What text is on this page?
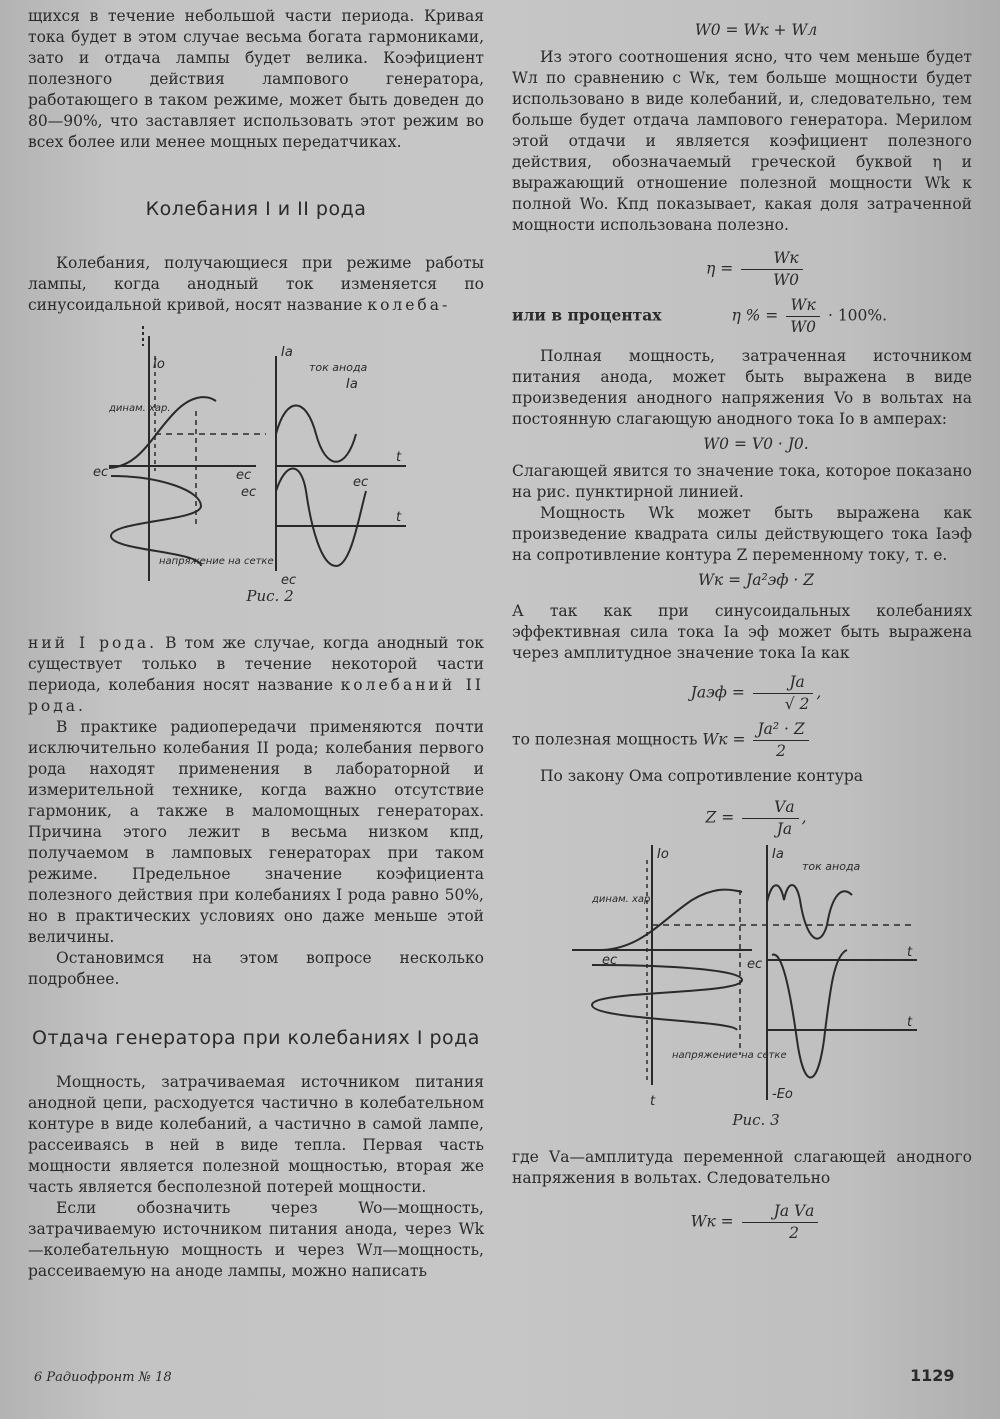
щихся в течение небольшой части периода. Кривая тока будет в этом случае весьма богата гармониками, зато и отдача лампы будет велика. Коэфициент полезного действия лампового генератора, работающего в таком режиме, может быть доведен до 80—90%, что заставляет использовать этот режим во всех более или менее мощных передатчиках.

Колебания I и II рода

Колебания, получающиеся при режиме работы лампы, когда анодный ток изменяется по синусоидальной кривой, носят название колеба-

Io
Ia
ток анода
Ia
динам. хар.
ec	ec
ec
ec
ec
t
t
напряжение на сетке

Рис. 2

ний I рода. В том же случае, когда анодный ток существует только в течение некоторой части периода, колебания носят название колебаний II рода.

В практике радиопередачи применяются почти исключительно колебания II рода; колебания первого рода находят применения в лабораторной и измерительной технике, когда важно отсутствие гармоник, а также в маломощных генераторах. Причина этого лежит в весьма низком кпд, получаемом в ламповых генераторах при таком режиме. Предельное значение коэфициента полезного действия при колебаниях I рода равно 50%, но в практических условиях оно даже меньше этой величины.

Остановимся на этом вопросе несколько подробнее.

Отдача генератора при колебаниях I рода

Мощность, затрачиваемая источником питания анодной цепи, расходуется частично в колебательном контуре в виде колебаний, а частично в самой лампе, рассеиваясь в ней в виде тепла. Первая часть мощности является полезной мощностью, вторая же часть является бесполезной потерей мощности.

Если обозначить через Wo—мощность, затрачиваемую источником питания анода, через Wk—колебательную мощность и через Wл—мощность, рассеиваемую на аноде лампы, можно написать

W0 = Wк + Wл

Из этого соотношения ясно, что чем меньше будет Wл по сравнению с Wк, тем больше мощности будет использовано в виде колебаний, и, следовательно, тем больше будет отдача лампового генератора. Мерилом этой отдачи и является коэфициент полезного действия, обозначаемый греческой буквой η и выражающий отношение полезной мощности Wk к полной Wo. Кпд показывает, какая доля затраченной мощности использована полезно.

$\eta = \frac{Wк}{W0}$

или в процентах	η % = $\frac{Wк}{W0} \cdot 100\%$.

Полная мощность, затраченная источником питания анода, может быть выражена в виде произведения анодного напряжения Vo в вольтах на постоянную слагающую анодного тока Io в амперах:

W0 = V0 · J0.

Слагающей явится то значение тока, которое показано на рис. пунктирной линией.

Мощность Wk может быть выражена как произведение квадрата силы действующего тока Iаэф на сопротивление контура Z переменному току, т. е.

Wк = Jа²эф · Z

А так как при синусоидальных колебаниях эффективная сила тока Iа эф может быть выражена через амплитудное значение тока Iа как

Jаэф = $\frac{Jа}{√ 2}$ ,

то полезная мощность Wк = $\frac{\text{Jа² · Z}}{2}$

По закону Ома сопротивление контура

$Z = \frac{Vа}{Jа}$ ,

Io	Ia
ток анода
динам. хар.
ec	ec
-Eo
t
t
t
напряжение на сетке

Рис. 3

где Vа—амплитуда переменной слагающей анодного напряжения в вольтах. Следовательно

Wк = $\frac{\text{Jа Vа}}{2}$

6 Радиофронт № 18	1129
